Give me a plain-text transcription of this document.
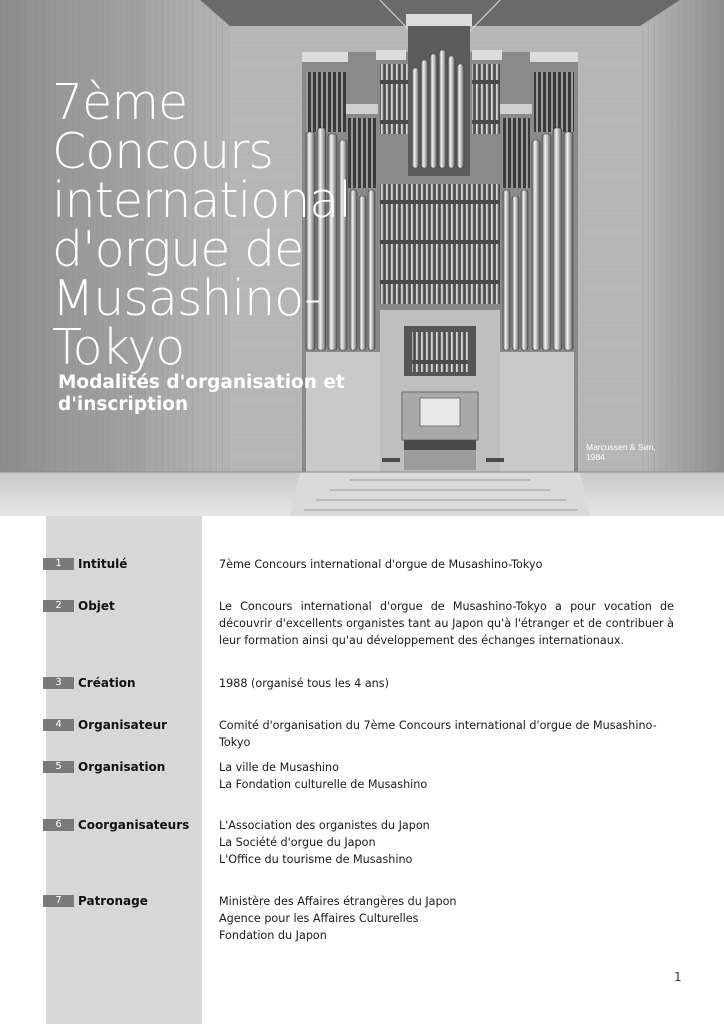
7ème
Concours
international
d'orgue de
Musashino-
Tokyo
Modalités d'organisation et
d'inscription
Marcussen & Søn,
1984
1	Intitulé	7ème Concours international d'orgue de Musashino-Tokyo
2	Objet	Le Concours international d'orgue de Musashino-Tokyo a pour vocation de découvrir d'excellents organistes tant au Japon qu'à l'étranger et de contribuer à leur formation ainsi qu'au développement des échanges internationaux.
3	Création	1988 (organisé tous les 4 ans)
4	Organisateur	Comité d'organisation du 7ème Concours international d'orgue de Musashino-Tokyo
5	Organisation	La ville de Musashino
La Fondation culturelle de Musashino
6	Coorganisateurs	L'Association des organistes du Japon
La Société d'orgue du Japon
L'Office du tourisme de Musashino
7	Patronage	Ministère des Affaires étrangères du Japon
Agence pour les Affaires Culturelles
Fondation du Japon
1
